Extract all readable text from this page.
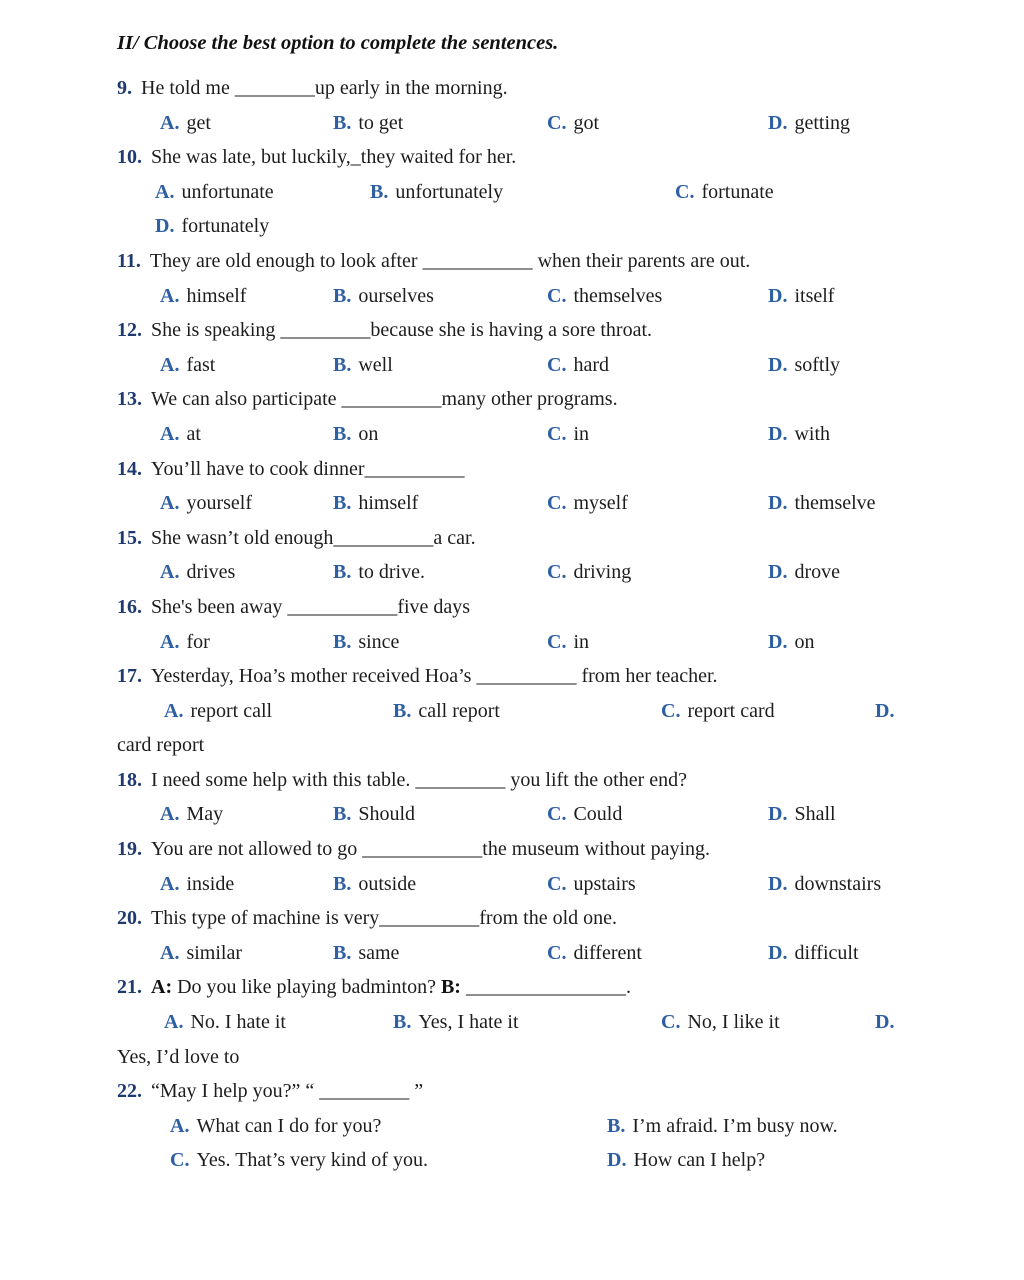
II/ Choose the best option to complete the sentences.
9. He told me ________up early in the morning.
A. get	B. to get	C. got	D. getting
10. She was late, but luckily,_they waited for her.
A. unfortunate	B. unfortunately	C. fortunate
D. fortunately
11. They are old enough to look after ___________ when their parents are out.
A. himself	B. ourselves	C. themselves	D. itself
12. She is speaking _________because she is having a sore throat.
A. fast	B. well	C. hard	D. softly
13. We can also participate __________many other programs.
A. at	B. on	C. in	D. with
14. You’ll have to cook dinner__________
A. yourself	B. himself	C. myself	D. themselve
15. She wasn’t old enough__________a car.
A. drives	B. to drive.	C. driving	D. drove
16. She's been away ___________five days
A. for	B. since	C. in	D. on
17. Yesterday, Hoa’s mother received Hoa’s __________ from her teacher.
A. report call	B. call report	C. report card	D.
card report
18. I need some help with this table. _________ you lift the other end?
A. May	B. Should	C. Could	D. Shall
19. You are not allowed to go ____________the museum without paying.
A. inside	B. outside	C. upstairs	D. downstairs
20. This type of machine is very__________from the old one.
A. similar	B. same	C. different	D. difficult
21. A: Do you like playing badminton? B: ________________.
A. No. I hate it	B. Yes, I hate it	C. No, I like it	D.
Yes, I’d love to
22. “May I help you?” “ _________ ”
A. What can I do for you?	B. I’m afraid. I’m busy now.
C. Yes. That’s very kind of you.	D. How can I help?
